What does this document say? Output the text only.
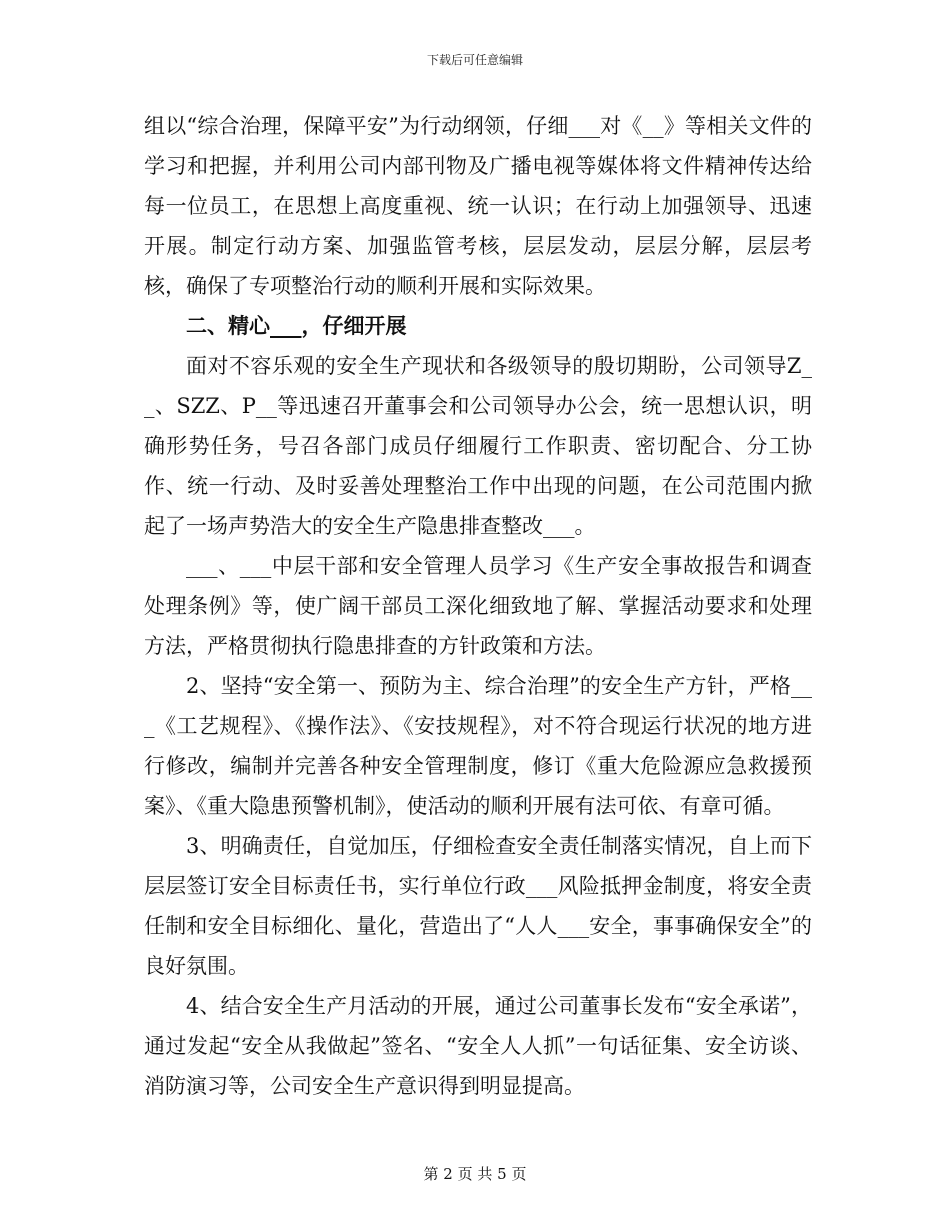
下载后可任意编辑

组以“综合治理，保障平安”为行动纲领，仔细___对《__》等相关文件的学习和把握，并利用公司内部刊物及广播电视等媒体将文件精神传达给每一位员工，在思想上高度重视、统一认识；在行动上加强领导、迅速开展。制定行动方案、加强监管考核，层层发动，层层分解，层层考核，确保了专项整治行动的顺利开展和实际效果。

二、精心___，仔细开展

面对不容乐观的安全生产现状和各级领导的殷切期盼，公司领导Z__、SZZ、P__等迅速召开董事会和公司领导办公会，统一思想认识，明确形势任务，号召各部门成员仔细履行工作职责、密切配合、分工协作、统一行动、及时妥善处理整治工作中出现的问题，在公司范围内掀起了一场声势浩大的安全生产隐患排查整改___。

___、___中层干部和安全管理人员学习《生产安全事故报告和调查处理条例》等，使广阔干部员工深化细致地了解、掌握活动要求和处理方法，严格贯彻执行隐患排查的方针政策和方法。

2、坚持“安全第一、预防为主、综合治理”的安全生产方针，严格___《工艺规程》、《操作法》、《安技规程》，对不符合现运行状况的地方进行修改，编制并完善各种安全管理制度，修订《重大危险源应急救援预案》、《重大隐患预警机制》，使活动的顺利开展有法可依、有章可循。

3、明确责任，自觉加压，仔细检查安全责任制落实情况，自上而下层层签订安全目标责任书，实行单位行政___风险抵押金制度，将安全责任制和安全目标细化、量化，营造出了“人人___安全，事事确保安全”的良好氛围。

4、结合安全生产月活动的开展，通过公司董事长发布“安全承诺”，通过发起“安全从我做起”签名、“安全人人抓”一句话征集、安全访谈、消防演习等，公司安全生产意识得到明显提高。

第 2 页 共 5 页
